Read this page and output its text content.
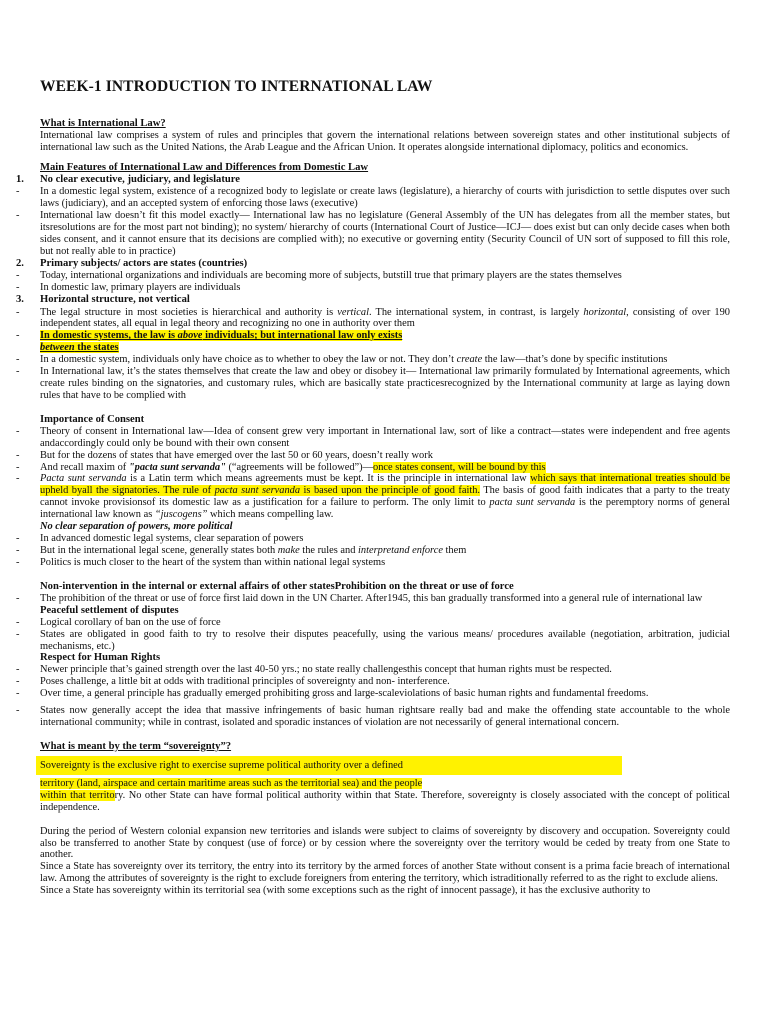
WEEK-1 INTRODUCTION TO INTERNATIONAL LAW

What is International Law?

International law comprises a system of rules and principles that govern the international relations between sovereign states and other institutional subjects of international law such as the United Nations, the Arab League and the African Union. It operates alongside international diplomacy, politics and economics.

Main Features of International Law and Differences from Domestic Law

1. No clear executive, judiciary, and legislature
- In a domestic legal system, existence of a recognized body to legislate or create laws (legislature), a hierarchy of courts with jurisdiction to settle disputes over such laws (judiciary), and an accepted system of enforcing those laws (executive)
- International law doesn’t fit this model exactly— International law has no legislature (General Assembly of the UN has delegates from all the member states, but itsresolutions are for the most part not binding); no system/ hierarchy of courts (International Court of Justice—ICJ— does exist but can only decide cases when both sides consent, and it cannot ensure that its decisions are complied with); no executive or governing entity (Security Council of UN sort of supposed to fill this role, but not really able to in practice)
2. Primary subjects/ actors are states (countries)
- Today, international organizations and individuals are becoming more of subjects, butstill true that primary players are the states themselves
- In domestic law, primary players are individuals
3. Horizontal structure, not vertical
- The legal structure in most societies is hierarchical and authority is vertical. The international system, in contrast, is largely horizontal, consisting of over 190 independent states, all equal in legal theory and recognizing no one in authority over them
- In domestic systems, the law is above individuals; but international law only exists
between the states
- In a domestic system, individuals only have choice as to whether to obey the law or not. They don’t create the law—that’s done by specific institutions
- In International law, it’s the states themselves that create the law and obey or disobey it— International law primarily formulated by International agreements, which create rules binding on the signatories, and customary rules, which are basically state practicesrecognized by the International community at large as laying down rules that have to be complied with

Importance of Consent

- Theory of consent in International law—Idea of consent grew very important in International law, sort of like a contract—states were independent and free agents andaccordingly could only be bound with their own consent
- But for the dozens of states that have emerged over the last 50 or 60 years, doesn’t really work
- And recall maxim of "pacta sunt servanda" (“agreements will be followed”)—once states consent, will be bound by this
- Pacta sunt servanda is a Latin term which means agreements must be kept. It is the principle in international law which says that international treaties should be upheld byall the signatories. The rule of pacta sunt servanda is based upon the principle of good faith. The basis of good faith indicates that a party to the treaty cannot invoke provisionsof its domestic law as a justification for a failure to perform. The only limit to pacta sunt servanda is the peremptory norms of general international law known as “juscogens” which means compelling law.

No clear separation of powers, more political

- In advanced domestic legal systems, clear separation of powers
- But in the international legal scene, generally states both make the rules and interpretand enforce them
- Politics is much closer to the heart of the system than within national legal systems

Non-intervention in the internal or external affairs of other statesProhibition on the threat or use of force

- The prohibition of the threat or use of force first laid down in the UN Charter. After1945, this ban gradually transformed into a general rule of international law

Peaceful settlement of disputes

- Logical corollary of ban on the use of force
- States are obligated in good faith to try to resolve their disputes peacefully, using the various means/ procedures available (negotiation, arbitration, judicial mechanisms, etc.)

Respect for Human Rights

- Newer principle that’s gained strength over the last 40-50 yrs.; no state really challengesthis concept that human rights must be respected.
- Poses challenge, a little bit at odds with traditional principles of sovereignty and non- interference.
- Over time, a general principle has gradually emerged prohibiting gross and large-scaleviolations of basic human rights and fundamental freedoms.
- States now generally accept the idea that massive infringements of basic human rightsare really bad and make the offending state accountable to the whole international community; while in contrast, isolated and sporadic instances of violation are not necessarily of general international concern.

What is meant by the term “sovereignty”?

Sovereignty is the exclusive right to exercise supreme political authority over a defined

territory (land, airspace and certain maritime areas such as the territorial sea) and the people
within that territory. No other State can have formal political authority within that State. Therefore, sovereignty is closely associated with the concept of political independence.

During the period of Western colonial expansion new territories and islands were subject to claims of sovereignty by discovery and occupation. Sovereignty could also be transferred to another State by conquest (use of force) or by cession where the sovereignty over the territory would be ceded by treaty from one State to another.

Since a State has sovereignty over its territory, the entry into its territory by the armed forces of another State without consent is a prima facie breach of international law. Among the attributes of sovereignty is the right to exclude foreigners from entering the territory, which istraditionally referred to as the right to exclude aliens.

Since a State has sovereignty within its territorial sea (with some exceptions such as the right of innocent passage), it has the exclusive authority to
